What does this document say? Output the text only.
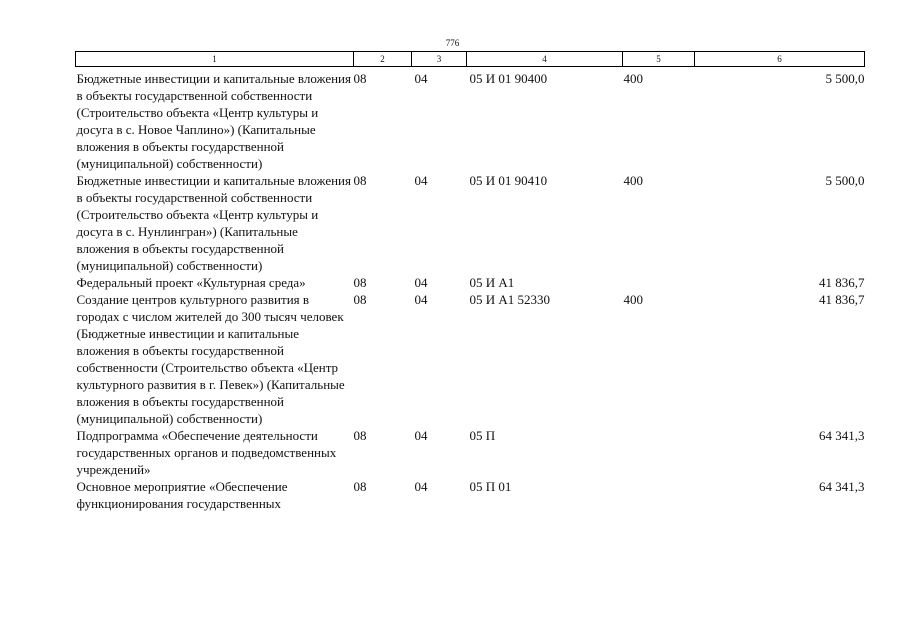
776
1	2	3	4	5	6
Бюджетные инвестиции и капитальные вложения в объекты государственной собственности (Строительство объекта «Центр культуры и досуга в с. Новое Чаплино») (Капитальные вложения в объекты государственной (муниципальной) собственности)	08	04	05 И 01 90400	400	5 500,0
Бюджетные инвестиции и капитальные вложения в объекты государственной собственности (Строительство объекта «Центр культуры и досуга в с. Нунлингран») (Капитальные вложения в объекты государственной (муниципальной) собственности)	08	04	05 И 01 90410	400	5 500,0
Федеральный проект «Культурная среда»	08	04	05 И А1		41 836,7
Создание центров культурного развития в городах с числом жителей до 300 тысяч человек (Бюджетные инвестиции и капитальные вложения в объекты государственной собственности (Строительство объекта «Центр культурного развития в г. Певек») (Капитальные вложения в объекты государственной (муниципальной) собственности)	08	04	05 И А1 52330	400	41 836,7
Подпрограмма «Обеспечение деятельности государственных органов и подведомственных учреждений»	08	04	05 П		64 341,3
Основное мероприятие «Обеспечение функционирования государственных	08	04	05 П 01		64 341,3
